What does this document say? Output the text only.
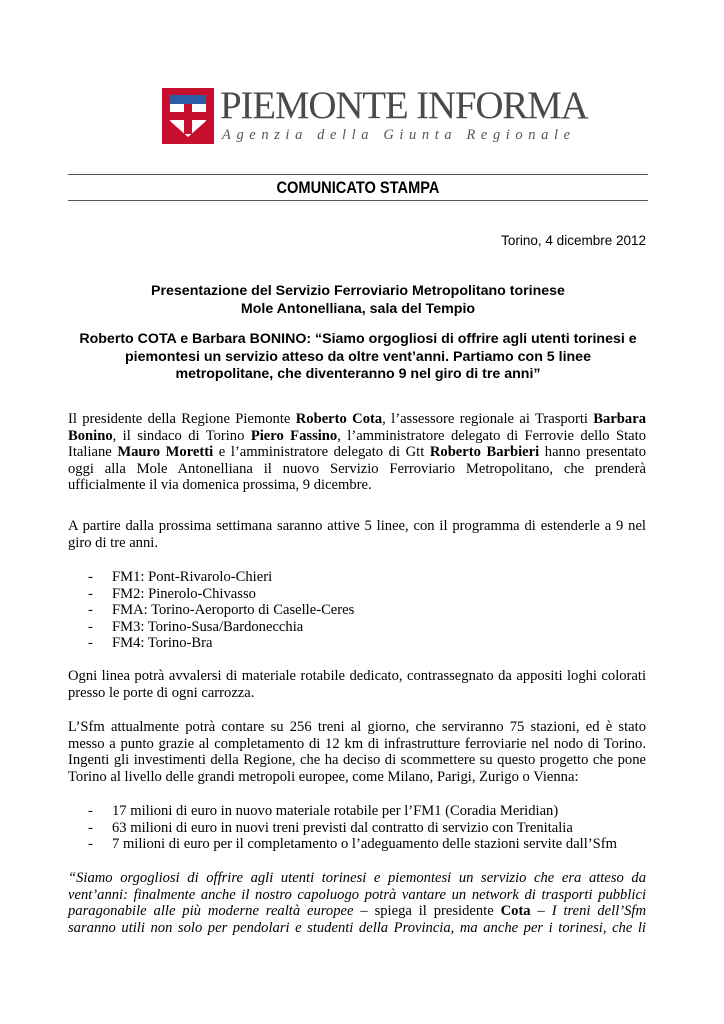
PIEMONTE INFORMA
Agenzia della Giunta Regionale
COMUNICATO STAMPA
Torino, 4 dicembre 2012
Presentazione del Servizio Ferroviario Metropolitano torinese
Mole Antonelliana, sala del Tempio
Roberto COTA e Barbara BONINO: “Siamo orgogliosi di offrire agli utenti torinesi e
piemontesi un servizio atteso da oltre vent’anni. Partiamo con 5 linee
metropolitane, che diventeranno 9 nel giro di tre anni”
Il presidente della Regione Piemonte Roberto Cota, l’assessore regionale ai Trasporti Barbara
Bonino, il sindaco di Torino Piero Fassino, l’amministratore delegato di Ferrovie dello Stato
Italiane Mauro Moretti e l’amministratore delegato di Gtt Roberto Barbieri hanno presentato
oggi alla Mole Antonelliana il nuovo Servizio Ferroviario Metropolitano, che prenderà
ufficialmente il via domenica prossima, 9 dicembre.
A partire dalla prossima settimana saranno attive 5 linee, con il programma di estenderle a 9 nel
giro di tre anni.
- FM1: Pont-Rivarolo-Chieri
- FM2: Pinerolo-Chivasso
- FMA: Torino-Aeroporto di Caselle-Ceres
- FM3: Torino-Susa/Bardonecchia
- FM4: Torino-Bra
Ogni linea potrà avvalersi di materiale rotabile dedicato, contrassegnato da appositi loghi colorati
presso le porte di ogni carrozza.
L’Sfm attualmente potrà contare su 256 treni al giorno, che serviranno 75 stazioni, ed è stato
messo a punto grazie al completamento di 12 km di infrastrutture ferroviarie nel nodo di Torino.
Ingenti gli investimenti della Regione, che ha deciso di scommettere su questo progetto che pone
Torino al livello delle grandi metropoli europee, come Milano, Parigi, Zurigo o Vienna:
- 17 milioni di euro in nuovo materiale rotabile per l’FM1 (Coradia Meridian)
- 63 milioni di euro in nuovi treni previsti dal contratto di servizio con Trenitalia
- 7 milioni di euro per il completamento o l’adeguamento delle stazioni servite dall’Sfm
“Siamo orgogliosi di offrire agli utenti torinesi e piemontesi un servizio che era atteso da
vent’anni: finalmente anche il nostro capoluogo potrà vantare un network di trasporti pubblici
paragonabile alle più moderne realtà europee – spiega il presidente Cota – I treni dell’Sfm
saranno utili non solo per pendolari e studenti della Provincia, ma anche per i torinesi, che li
